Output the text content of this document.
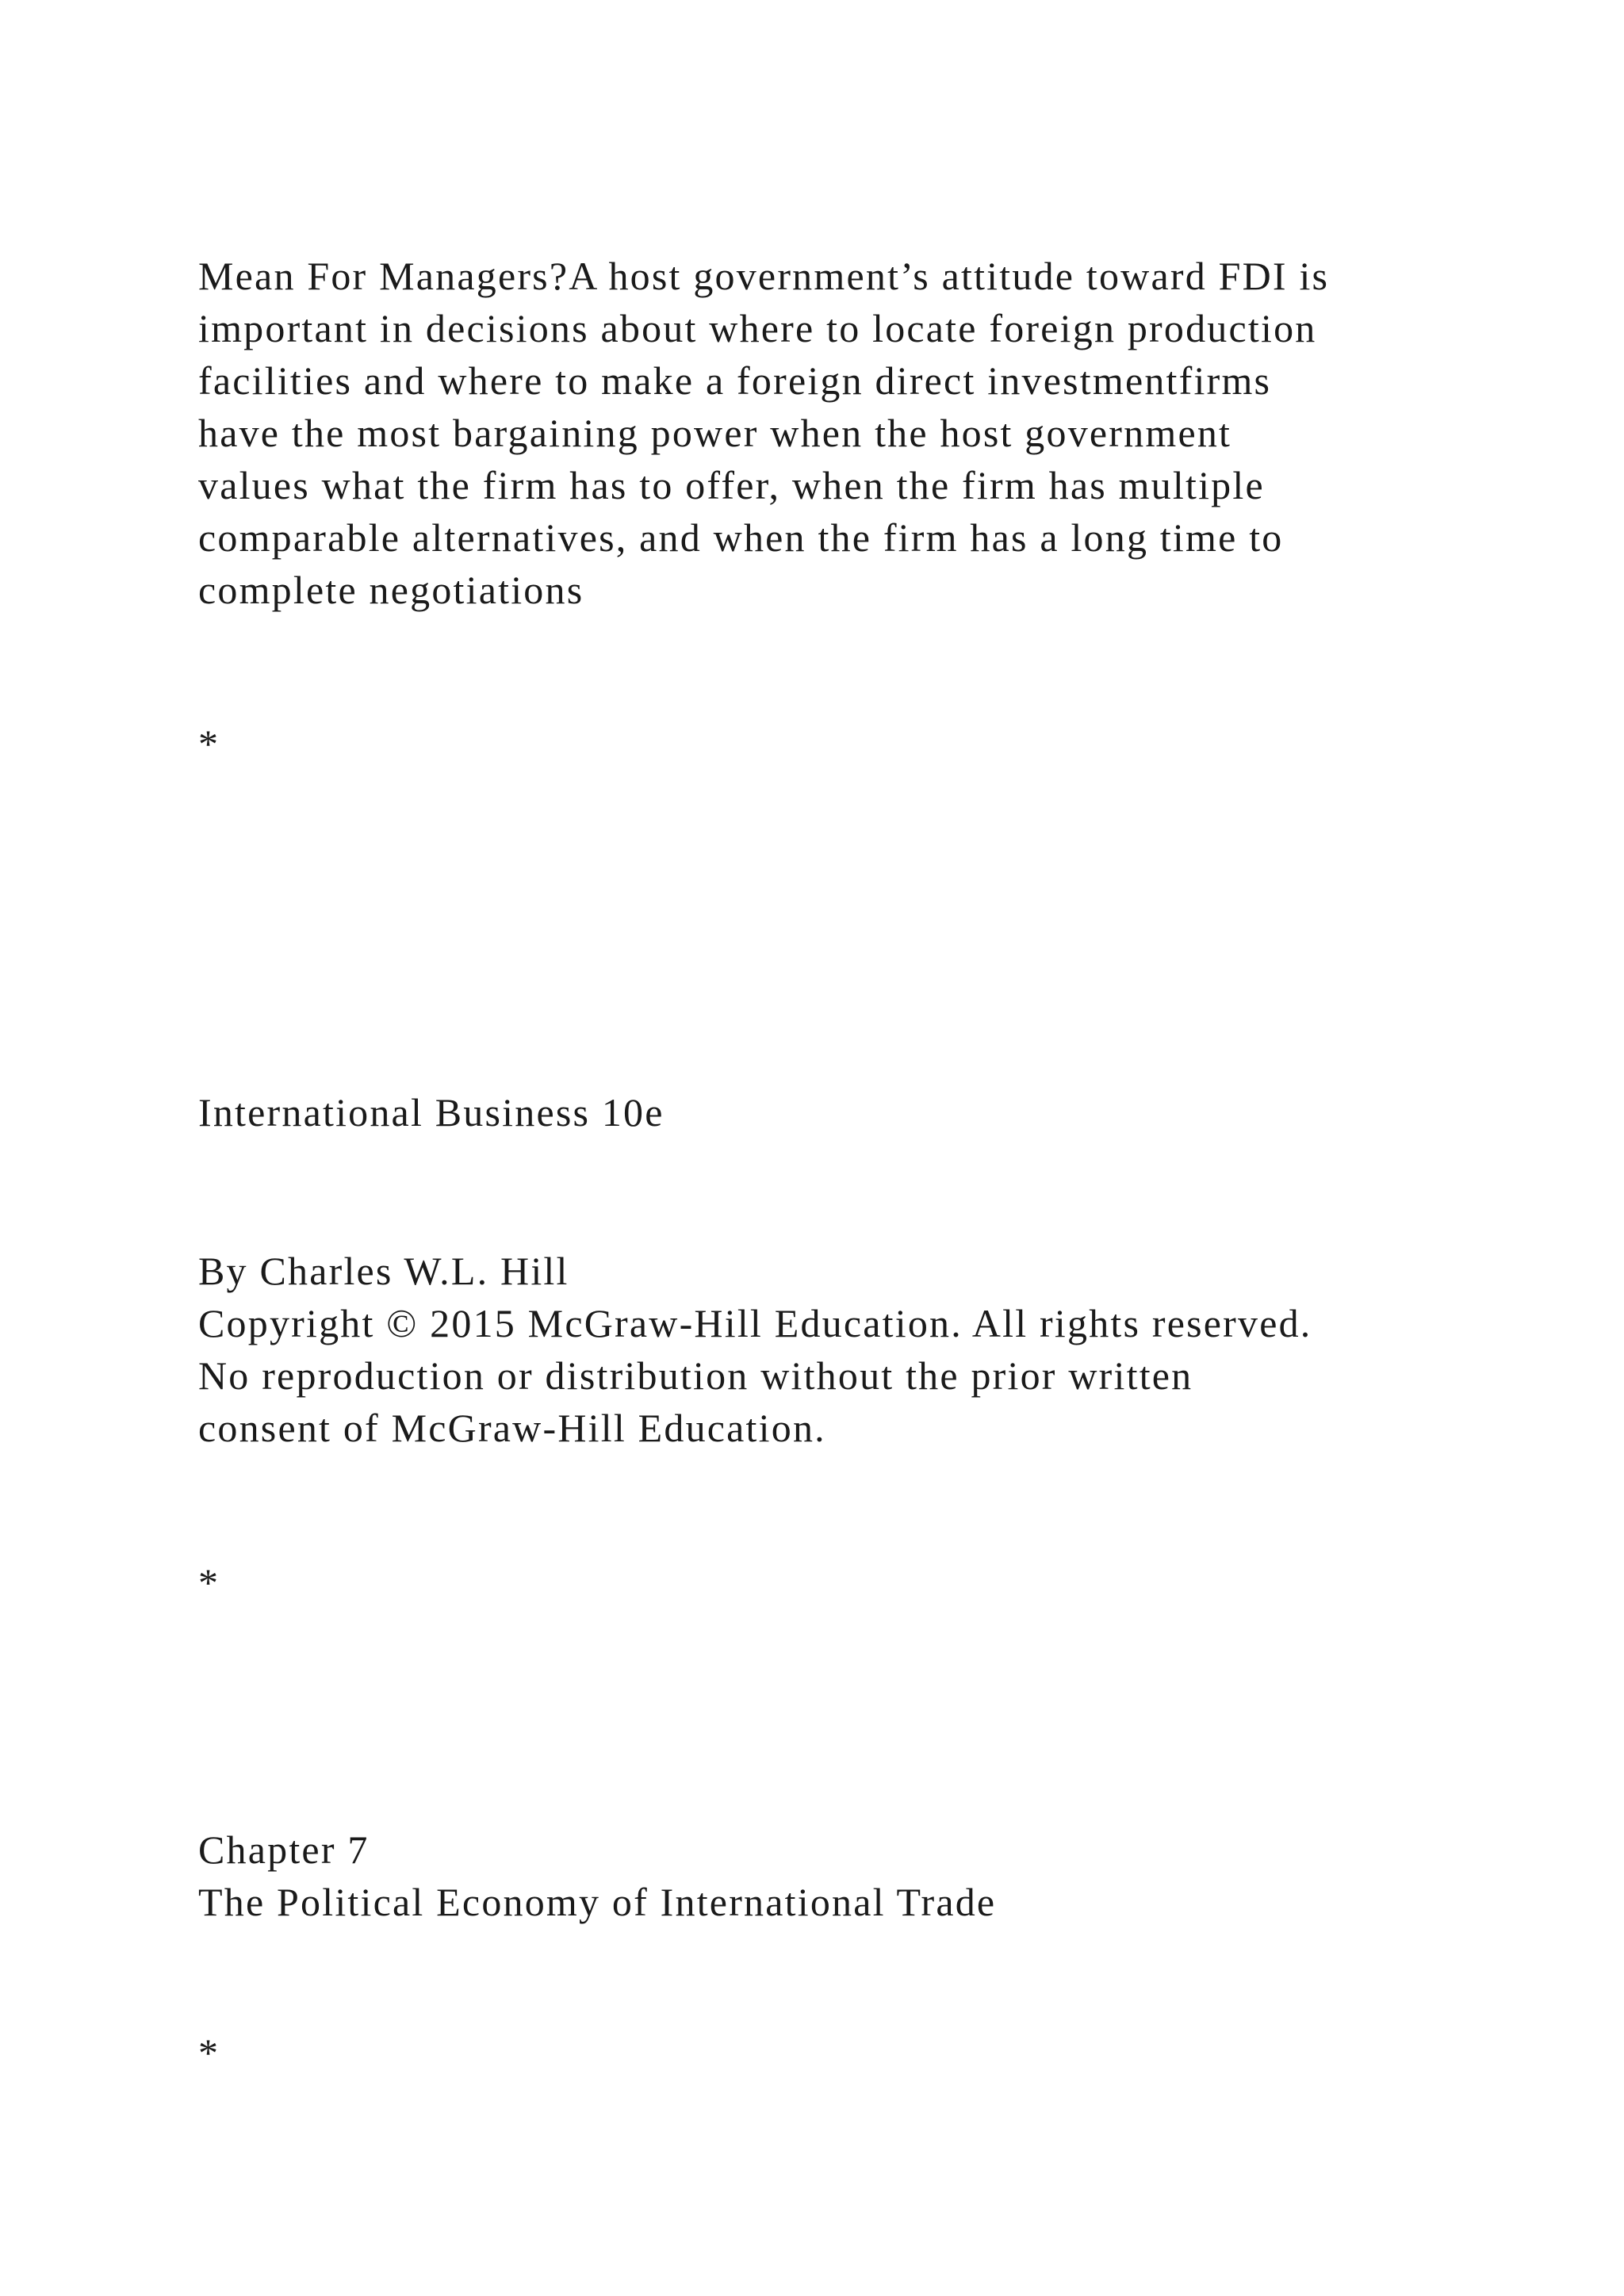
Mean For Managers?A host government’s attitude toward FDI is
important in decisions about where to locate foreign production
facilities and where to make a foreign direct investmentfirms
have the most bargaining power when the host government
values what the firm has to offer, when the firm has multiple
comparable alternatives, and when the firm has a long time to
complete negotiations
*
International Business 10e
By Charles W.L. Hill
Copyright © 2015 McGraw-Hill Education. All rights reserved.
No reproduction or distribution without the prior written
consent of McGraw-Hill Education.
*
Chapter 7
The Political Economy of International Trade
*
